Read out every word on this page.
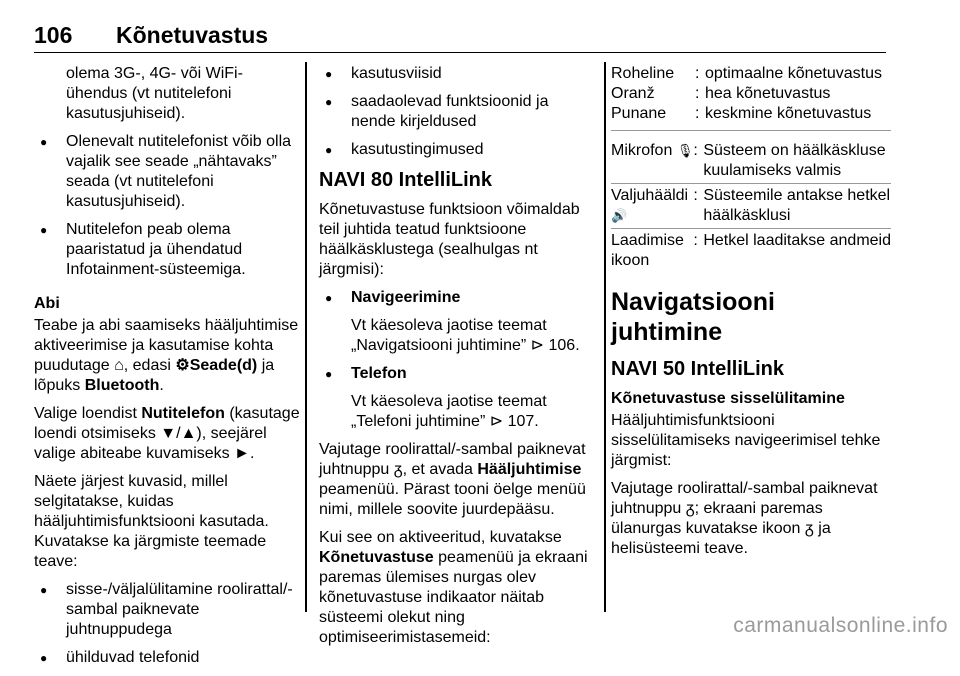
106 Kõnetuvastus

olema 3G-, 4G- või WiFi-ühendus (vt nutitelefoni kasutusjuhiseid).

● Olenevalt nutitelefonist võib olla vajalik see seade „nähtavaks” seada (vt nutitelefoni kasutusjuhiseid).
● Nutitelefon peab olema paaristatud ja ühendatud Infotainment-süsteemiga.
Abi

Teabe ja abi saamiseks hääljuhtimise aktiveerimise ja kasutamise kohta puudutage ⌂, edasi ⚙Seade(d) ja lõpuks Bluetooth.

Valige loendist Nutitelefon (kasutage loendi otsimiseks ▼/▲), seejärel valige abiteabe kuvamiseks ►.

Näete järjest kuvasid, millel selgitatakse, kuidas hääljuhtimisfunktsiooni kasutada. Kuvatakse ka järgmiste teemade teave:

● sisse-/väljalülitamine roolirattal/-sambal paiknevate juhtnuppudega
● ühilduvad telefonid
● kasutusviisid
● saadaolevad funktsioonid ja nende kirjeldused
● kasutustingimused
NAVI 80 IntelliLink

Kõnetuvastuse funktsioon võimaldab teil juhtida teatud funktsioone häälkäsklustega (sealhulgas nt järgmisi):

● Navigeerimine

Vt käesoleva jaotise teemat „Navigatsiooni juhtimine” ⊳ 106.

● Telefon

Vt käesoleva jaotise teemat „Telefoni juhtimine” ⊳ 107.

Vajutage roolirattal/-sambal paiknevat juhtnuppu ᵹ, et avada Hääljuhtimise peamenüü. Pärast tooni öelge menüü nimi, millele soovite juurdepääsu.

Kui see on aktiveeritud, kuvatakse Kõnetuvastuse peamenüü ja ekraani paremas ülemises nurgas olev kõnetuvastuse indikaator näitab süsteemi olekut ning optimiseerimistasemeid:

Roheline	:	optimaalne kõnetuvastus
Oranž	:	hea kõnetuvastus
Punane	:	keskmine kõnetuvastus
Mikrofon 🎙	:	Süsteem on häälkäskluse kuulamiseks valmis
Valjuhääldi
🔊	:	Süsteemile antakse hetkel häälkäsklusi
Laadimise ikoon	:	Hetkel laaditakse andmeid
Navigatsiooni juhtimine
NAVI 50 IntelliLink
Kõnetuvastuse sisselülitamine

Hääljuhtimisfunktsiooni sisselülitamiseks navigeerimisel tehke järgmist:

Vajutage roolirattal/-sambal paiknevat juhtnuppu ᵹ; ekraani paremas ülanurgas kuvatakse ikoon ᵹ ja helisüsteemi teave.

carmanualsonline.info
